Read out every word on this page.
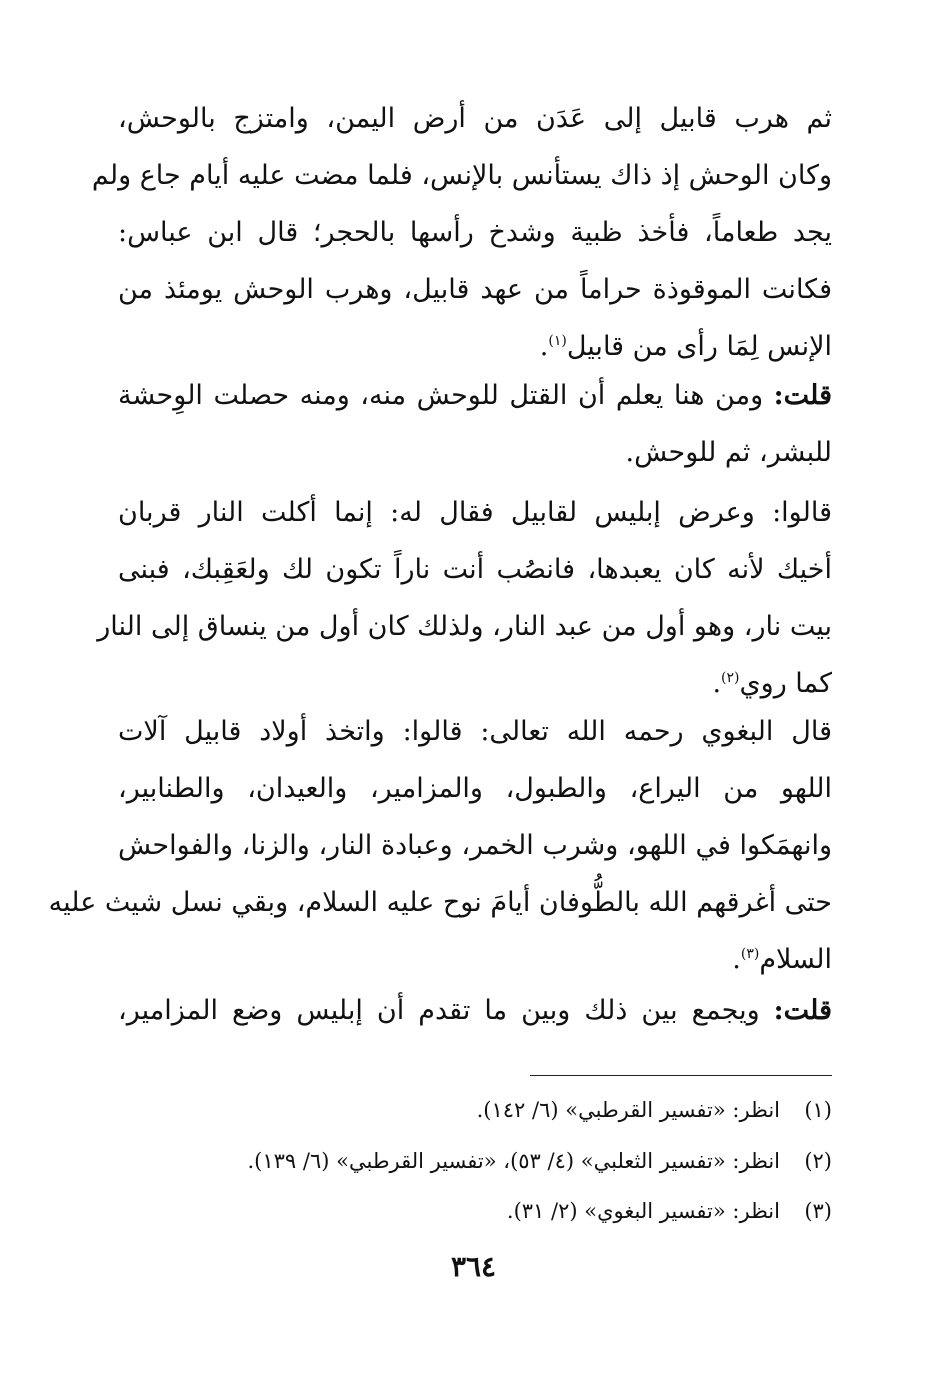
ثم هرب قابيل إلى عَدَن من أرض اليمن، وامتزج بالوحش،
وكان الوحش إذ ذاك يستأنس بالإنس، فلما مضت عليه أيام جاع ولم
يجد طعاماً، فأخذ ظبية وشدخ رأسها بالحجر؛ قال ابن عباس:
فكانت الموقوذة حراماً من عهد قابيل، وهرب الوحش يومئذ من
الإنس لِمَا رأى من قابيل$^{(١)}$.
قلت: ومن هنا يعلم أن القتل للوحش منه، ومنه حصلت الوِحشة
للبشر، ثم للوحش.
قالوا: وعرض إبليس لقابيل فقال له: إنما أكلت النار قربان
أخيك لأنه كان يعبدها، فانصُب أنت ناراً تكون لك ولعَقِبك، فبنى
بيت نار، وهو أول من عبد النار، ولذلك كان أول من ينساق إلى النار
كما روي$^{(٢)}$.
قال البغوي رحمه الله تعالى: قالوا: واتخذ أولاد قابيل آلات
اللهو من اليراع، والطبول، والمزامير، والعيدان، والطنابير،
وانهمَكوا في اللهو، وشرب الخمر، وعبادة النار، والزنا، والفواحش
حتى أغرقهم الله بالطُّوفان أيامَ نوح عليه السلام، وبقي نسل شيث عليه
السلام$^{(٣)}$.
قلت: ويجمع بين ذلك وبين ما تقدم أن إبليس وضع المزامير،
(١)انظر: «تفسير القرطبي» (٦/ ١٤٢).
(٢)انظر: «تفسير الثعلبي» (٤/ ٥٣)، «تفسير القرطبي» (٦/ ١٣٩).
(٣)انظر: «تفسير البغوي» (٢/ ٣١).
٣٦٤
